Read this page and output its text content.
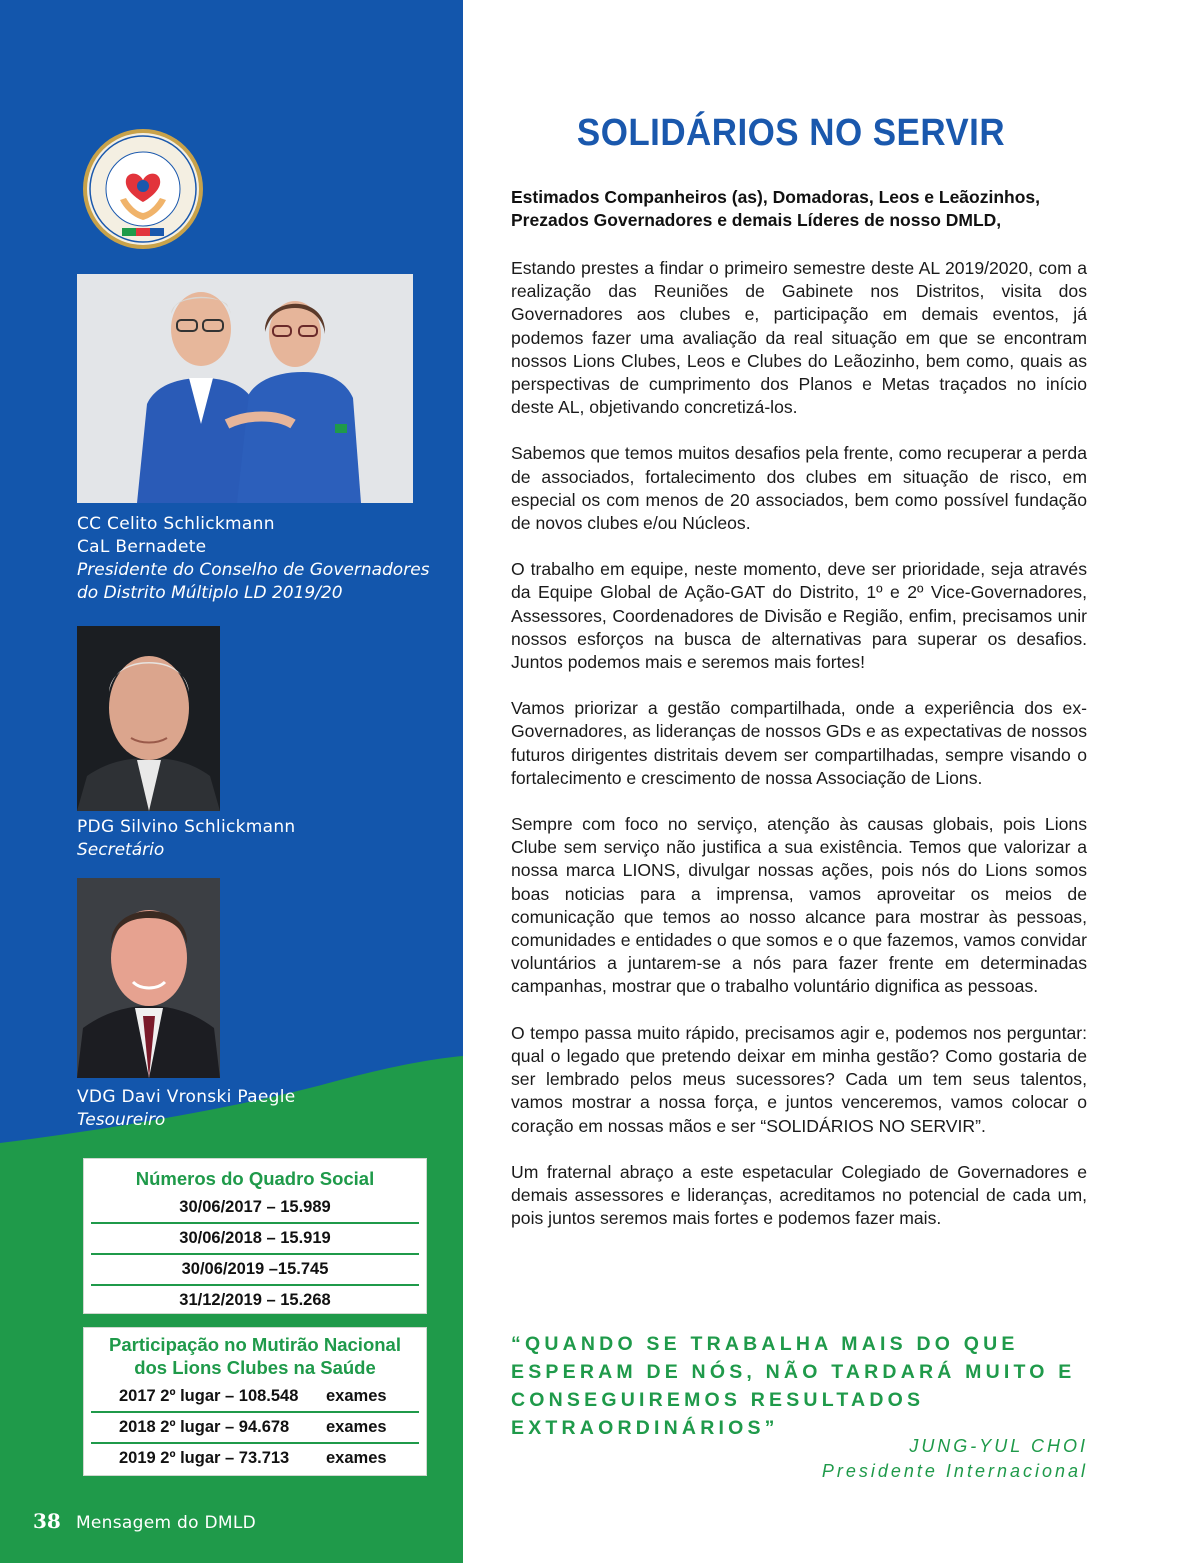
CC Celito Schlickmann
CaL Bernadete
Presidente do Conselho de Governadores
do Distrito Múltiplo LD 2019/20
PDG Silvino Schlickmann
Secretário
VDG Davi Vronski Paegle
Tesoureiro
Números do Quadro Social
30/06/2017 – 15.989
30/06/2018 – 15.919
30/06/2019 –15.745
31/12/2019 – 15.268
Participação no Mutirão Nacional
dos Lions Clubes na Saúde
2017 2º lugar – 108.548	exames
2018 2º lugar – 94.678	exames
2019 2º lugar – 73.713	exames
38 Mensagem do DMLD
SOLIDÁRIOS NO SERVIR
Estimados Companheiros (as), Domadoras, Leos e Leãozinhos,
Prezados Governadores e demais Líderes de nosso DMLD,

Estando prestes a findar o primeiro semestre deste AL 2019/2020, com a realização das Reuniões de Gabinete nos Distritos, visita dos Governadores aos clubes e, participação em demais eventos, já podemos fazer uma avaliação da real situação em que se encontram nossos Lions Clubes, Leos e Clubes do Leãozinho, bem como, quais as perspectivas de cumprimento dos Planos e Metas traçados no início deste AL, objetivando concretizá-los.

Sabemos que temos muitos desafios pela frente, como recuperar a perda de associados, fortalecimento dos clubes em situação de risco, em especial os com menos de 20 associados, bem como possível fundação de novos clubes e/ou Núcleos.

O trabalho em equipe, neste momento, deve ser prioridade, seja através da Equipe Global de Ação-GAT do Distrito, 1º e 2º Vice-Governadores, Assessores, Coordenadores de Divisão e Região, enfim, precisamos unir nossos esforços na busca de alternativas para superar os desafios. Juntos podemos mais e seremos mais fortes!

Vamos priorizar a gestão compartilhada, onde a experiência dos ex-Governadores, as lideranças de nossos GDs e as expectativas de nossos futuros dirigentes distritais devem ser compartilhadas, sempre visando o fortalecimento e crescimento de nossa Associação de Lions.

Sempre com foco no serviço, atenção às causas globais, pois Lions Clube sem serviço não justifica a sua existência. Temos que valorizar a nossa marca LIONS, divulgar nossas ações, pois nós do Lions somos boas noticias para a imprensa, vamos aproveitar os meios de comunicação que temos ao nosso alcance para mostrar às pessoas, comunidades e entidades o que somos e o que fazemos, vamos convidar voluntários a juntarem-se a nós para fazer frente em determinadas campanhas, mostrar que o trabalho voluntário dignifica as pessoas.

O tempo passa muito rápido, precisamos agir e, podemos nos perguntar: qual o legado que pretendo deixar em minha gestão? Como gostaria de ser lembrado pelos meus sucessores? Cada um tem seus talentos, vamos mostrar a nossa força, e juntos venceremos, vamos colocar o coração em nossas mãos e ser “SOLIDÁRIOS NO SERVIR”.

Um fraternal abraço a este espetacular Colegiado de Governadores e demais assessores e lideranças, acreditamos no potencial de cada um, pois juntos seremos mais fortes e podemos fazer mais.

“QUANDO SE TRABALHA MAIS DO QUE ESPERAM DE NÓS, NÃO TARDARÁ MUITO E CONSEGUIREMOS RESULTADOS EXTRAORDINÁRIOS”
JUNG-YUL CHOI
Presidente Internacional
